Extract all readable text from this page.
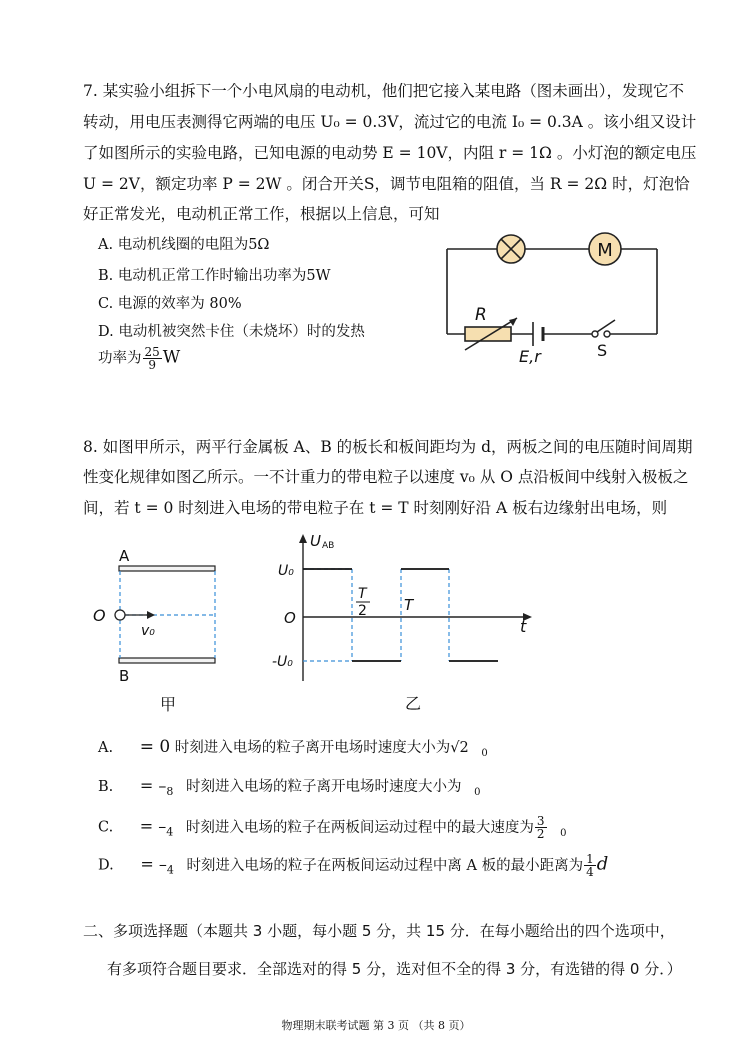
7. 某实验小组拆下一个小电风扇的电动机，他们把它接入某电路（图未画出），发现它不
转动，用电压表测得它两端的电压 U₀ = 0.3V，流过它的电流 I₀ = 0.3A 。该小组又设计
了如图所示的实验电路，已知电源的电动势 E = 10V，内阻 r = 1Ω 。小灯泡的额定电压
U = 2V，额定功率 P = 2W 。闭合开关S，调节电阻箱的阻值，当 R = 2Ω 时，灯泡恰
好正常发光，电动机正常工作，根据以上信息，可知
A. 电动机线圈的电阻为5Ω
B. 电动机正常工作时输出功率为5W
C. 电源的效率为 80%
D. 电动机被突然卡住（未烧坏）时的发热
功率为 $\frac{25}{9}$ W
M
R
E,r	S
8. 如图甲所示，两平行金属板 A、B 的板长和板间距均为 d，两板之间的电压随时间周期
性变化规律如图乙所示。一不计重力的带电粒子以速度 v₀ 从 O 点沿板间中线射入极板之
间，若 t = 0 时刻进入电场的带电粒子在 t = T 时刻刚好沿 A 板右边缘射出电场，则
A
B
O
v₀
甲
U AB
U₀
O
-U₀
T
2 T
t
乙
A. = 0 时刻进入电场的粒子离开电场时速度大小为√2 $_0$
B. = $-_8$ 时刻进入电场的粒子离开电场时速度大小为 $_0$
C. = $-_4$ 时刻进入电场的粒子在两板间运动过程中的最大速度为 $\frac{3}{2} _0$
D. = $-_4$ 时刻进入电场的粒子在两板间运动过程中离 A 板的最小距离为 $\frac{1}{4}$ d
二、多项选择题（本题共 3 小题，每小题 5 分，共 15 分．在每小题给出的四个选项中，
有多项符合题目要求．全部选对的得 5 分，选对但不全的得 3 分，有选错的得 0 分．）
物理期末联考试题 第 3 页 （共 8 页）
